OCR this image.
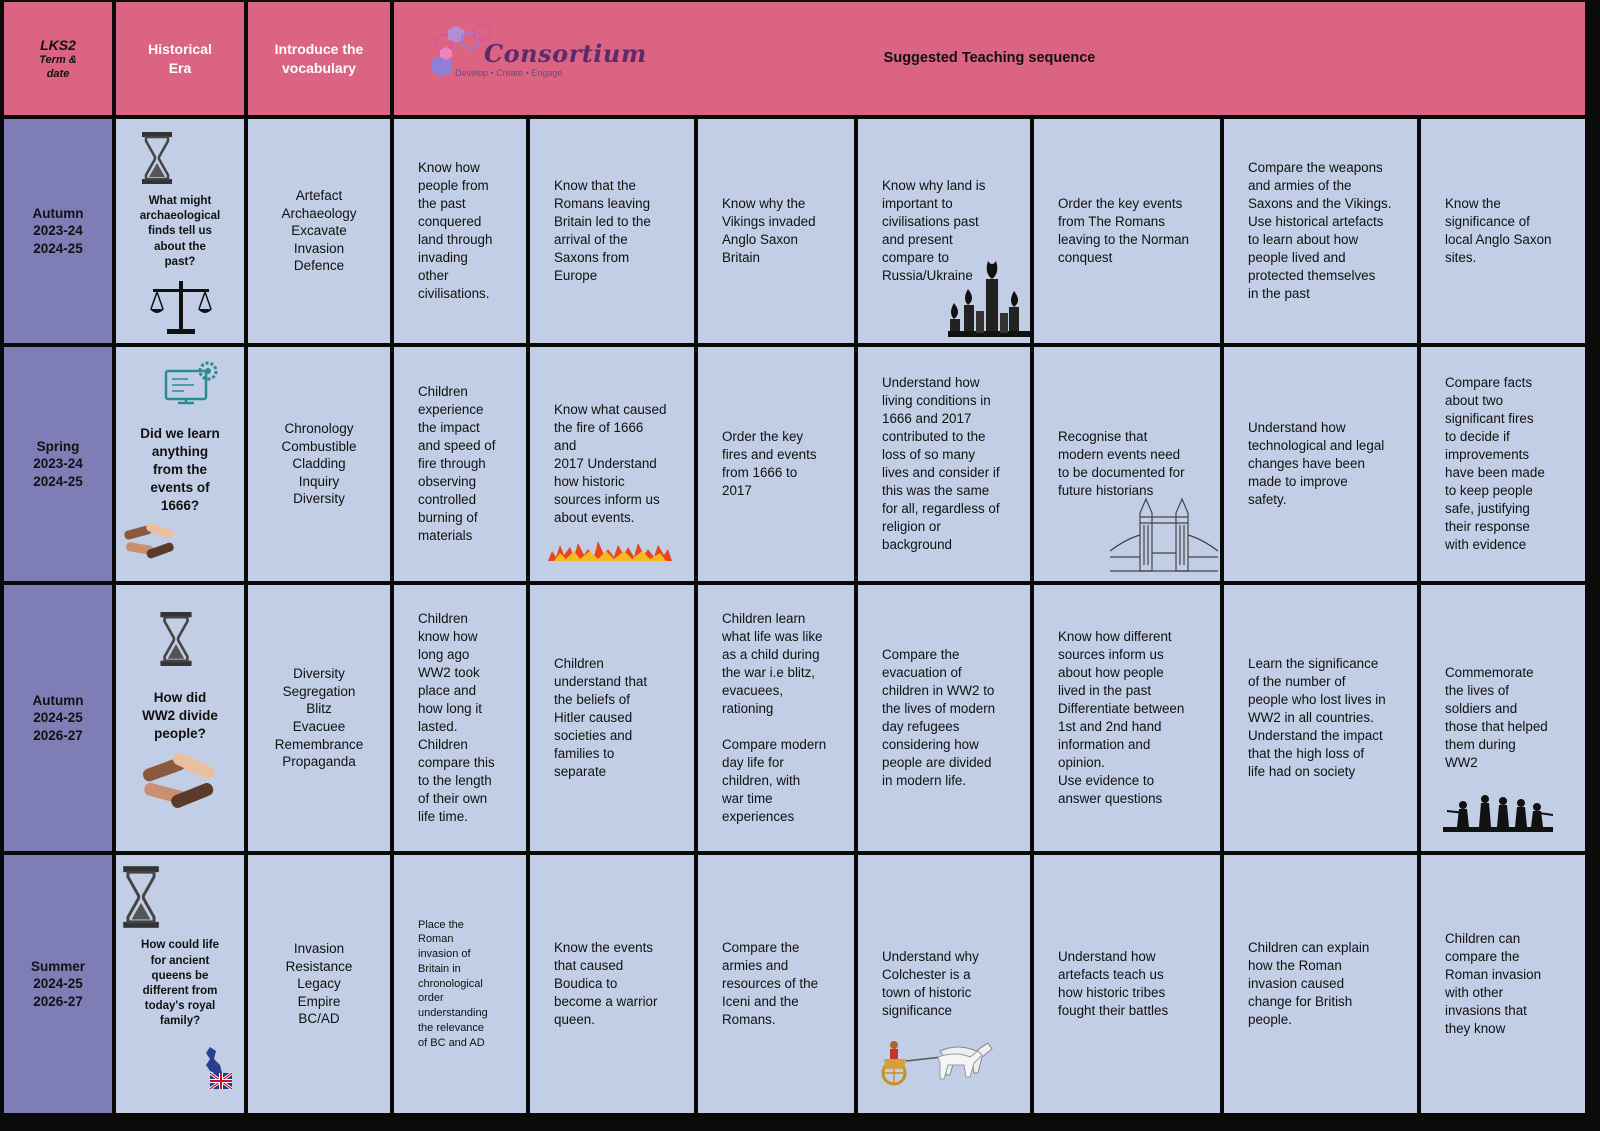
LKS2
Term &
date
Historical
Era
Introduce the
vocabulary	Consortium
Develop • Create • Engage
Suggested Teaching sequence
Autumn
2023-24
2024-25
What might
archaeological
finds tell us
about the
past?
Artefact
Archaeology
Excavate
Invasion
Defence
Know how
people from
the past
conquered
land through
invading
other
civilisations.
Know that the
Romans leaving
Britain led to the
arrival of the
Saxons from
Europe
Know why the
Vikings invaded
Anglo Saxon
Britain
Know why land is
important to
civilisations past
and present
compare to
Russia/Ukraine
Order the key events
from The Romans
leaving to the Norman
conquest
Compare the weapons
and armies of the
Saxons and the Vikings.
Use historical artefacts
to learn about how
people lived and
protected themselves
in the past
Know the
significance of
local Anglo Saxon
sites.
Spring
2023-24
2024-25
Did we learn
anything
from the
events of
1666?
Chronology
Combustible
Cladding
Inquiry
Diversity
Children
experience
the impact
and speed of
fire through
observing
controlled
burning of
materials
Know what caused
the fire of 1666
and
2017 Understand
how historic
sources inform us
about events.
Order the key
fires and events
from 1666 to
2017
Understand how
living conditions in
1666 and 2017
contributed to the
loss of so many
lives and consider if
this was the same
for all, regardless of
religion or
background
Recognise that
modern events need
to be documented for
future historians
Understand how
technological and legal
changes have been
made to improve
safety.
Compare facts
about two
significant fires
to decide if
improvements
have been made
to keep people
safe, justifying
their response
with evidence
Autumn
2024-25
2026-27
How did
WW2 divide
people?
Diversity
Segregation
Blitz
Evacuee
Remembrance
Propaganda
Children
know how
long ago
WW2 took
place and
how long it
lasted.
Children
compare this
to the length
of their own
life time.
Children
understand that
the beliefs of
Hitler caused
societies and
families to
separate
Children learn
what life was like
as a child during
the war i.e blitz,
evacuees,
rationing

Compare modern
day life for
children, with
war time
experiences
Compare the
evacuation of
children in WW2 to
the lives of modern
day refugees
considering how
people are divided
in modern life.
Know how different
sources inform us
about how people
lived in the past
Differentiate between
1st and 2nd hand
information and
opinion.
Use evidence to
answer questions
Learn the significance
of the number of
people who lost lives in
WW2 in all countries.
Understand the impact
that the high loss of
life had on society
Commemorate
the lives of
soldiers and
those that helped
them during
WW2
Summer
2024-25
2026-27
How could life
for ancient
queens be
different from
today's royal
family?
Invasion
Resistance
Legacy
Empire
BC/AD
Place the
Roman
invasion of
Britain in
chronological
order
understanding
the relevance
of BC and AD
Know the events
that caused
Boudica to
become a warrior
queen.
Compare the
armies and
resources of the
Iceni and the
Romans.
Understand why
Colchester is a
town of historic
significance
Understand how
artefacts teach us
how historic tribes
fought their battles
Children can explain
how the Roman
invasion caused
change for British
people.
Children can
compare the
Roman invasion
with other
invasions that
they know
